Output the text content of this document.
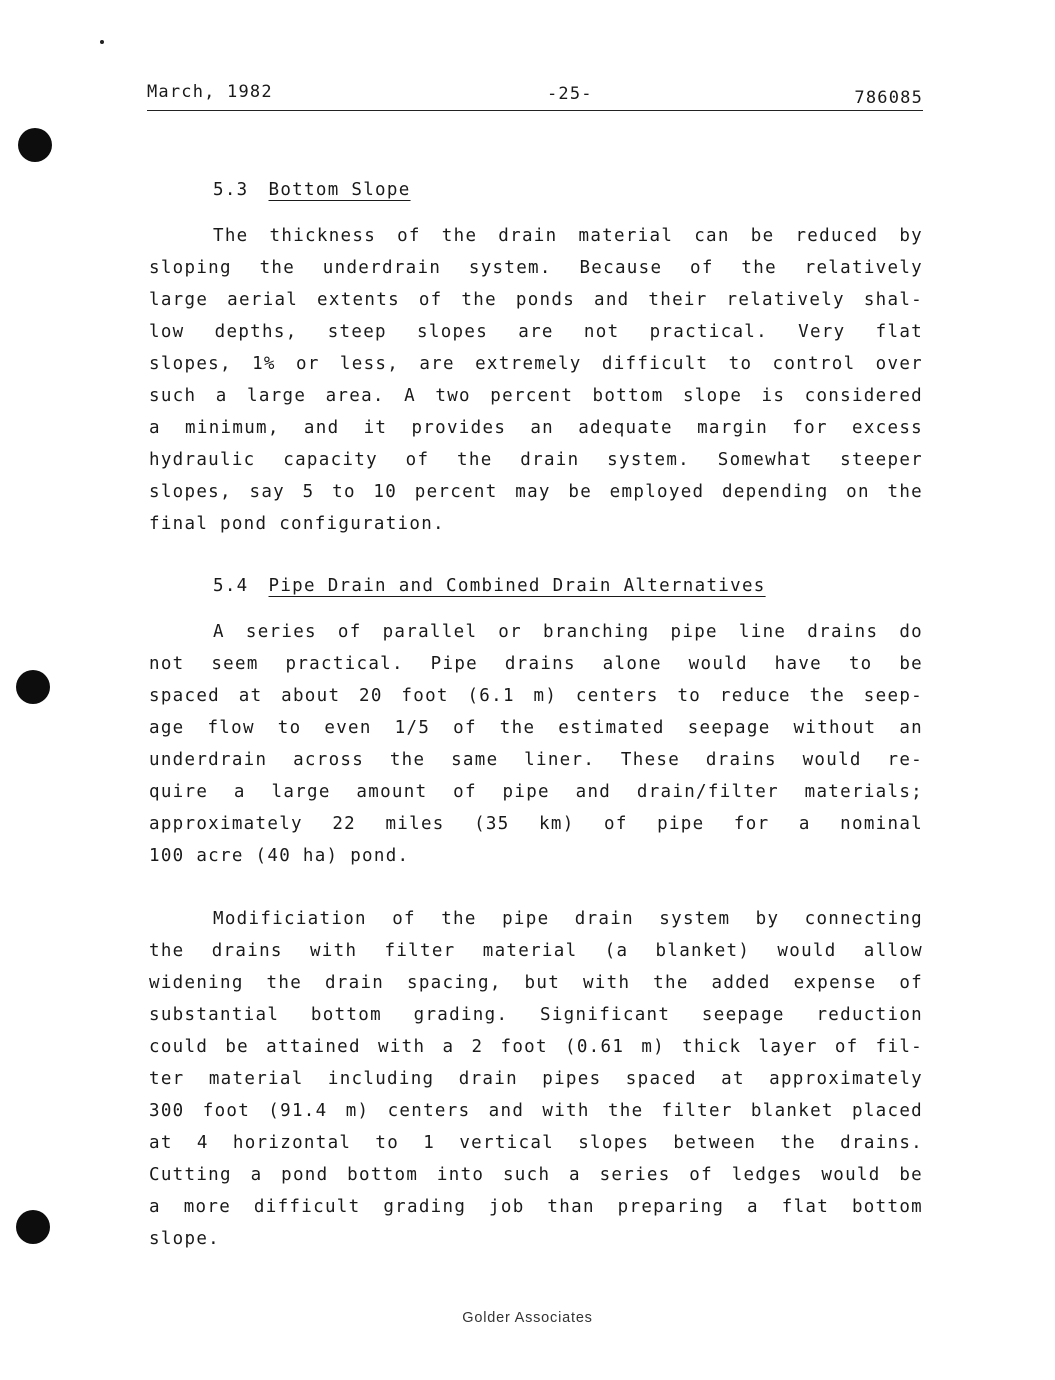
March, 1982	-25-	786085
5.3 Bottom Slope
The thickness of the drain material can be reduced by
sloping the underdrain system. Because of the relatively
large aerial extents of the ponds and their relatively shal-
low depths, steep slopes are not practical. Very flat
slopes, 1% or less, are extremely difficult to control over
such a large area. A two percent bottom slope is considered
a minimum, and it provides an adequate margin for excess
hydraulic capacity of the drain system. Somewhat steeper
slopes, say 5 to 10 percent may be employed depending on the
final pond configuration.
5.4 Pipe Drain and Combined Drain Alternatives
A series of parallel or branching pipe line drains do
not seem practical. Pipe drains alone would have to be
spaced at about 20 foot (6.1 m) centers to reduce the seep-
age flow to even 1/5 of the estimated seepage without an
underdrain across the same liner. These drains would re-
quire a large amount of pipe and drain/filter materials;
approximately 22 miles (35 km) of pipe for a nominal
100 acre (40 ha) pond.
Modificiation of the pipe drain system by connecting
the drains with filter material (a blanket) would allow
widening the drain spacing, but with the added expense of
substantial bottom grading. Significant seepage reduction
could be attained with a 2 foot (0.61 m) thick layer of fil-
ter material including drain pipes spaced at approximately
300 foot (91.4 m) centers and with the filter blanket placed
at 4 horizontal to 1 vertical slopes between the drains.
Cutting a pond bottom into such a series of ledges would be
a more difficult grading job than preparing a flat bottom
slope.
Golder Associates
